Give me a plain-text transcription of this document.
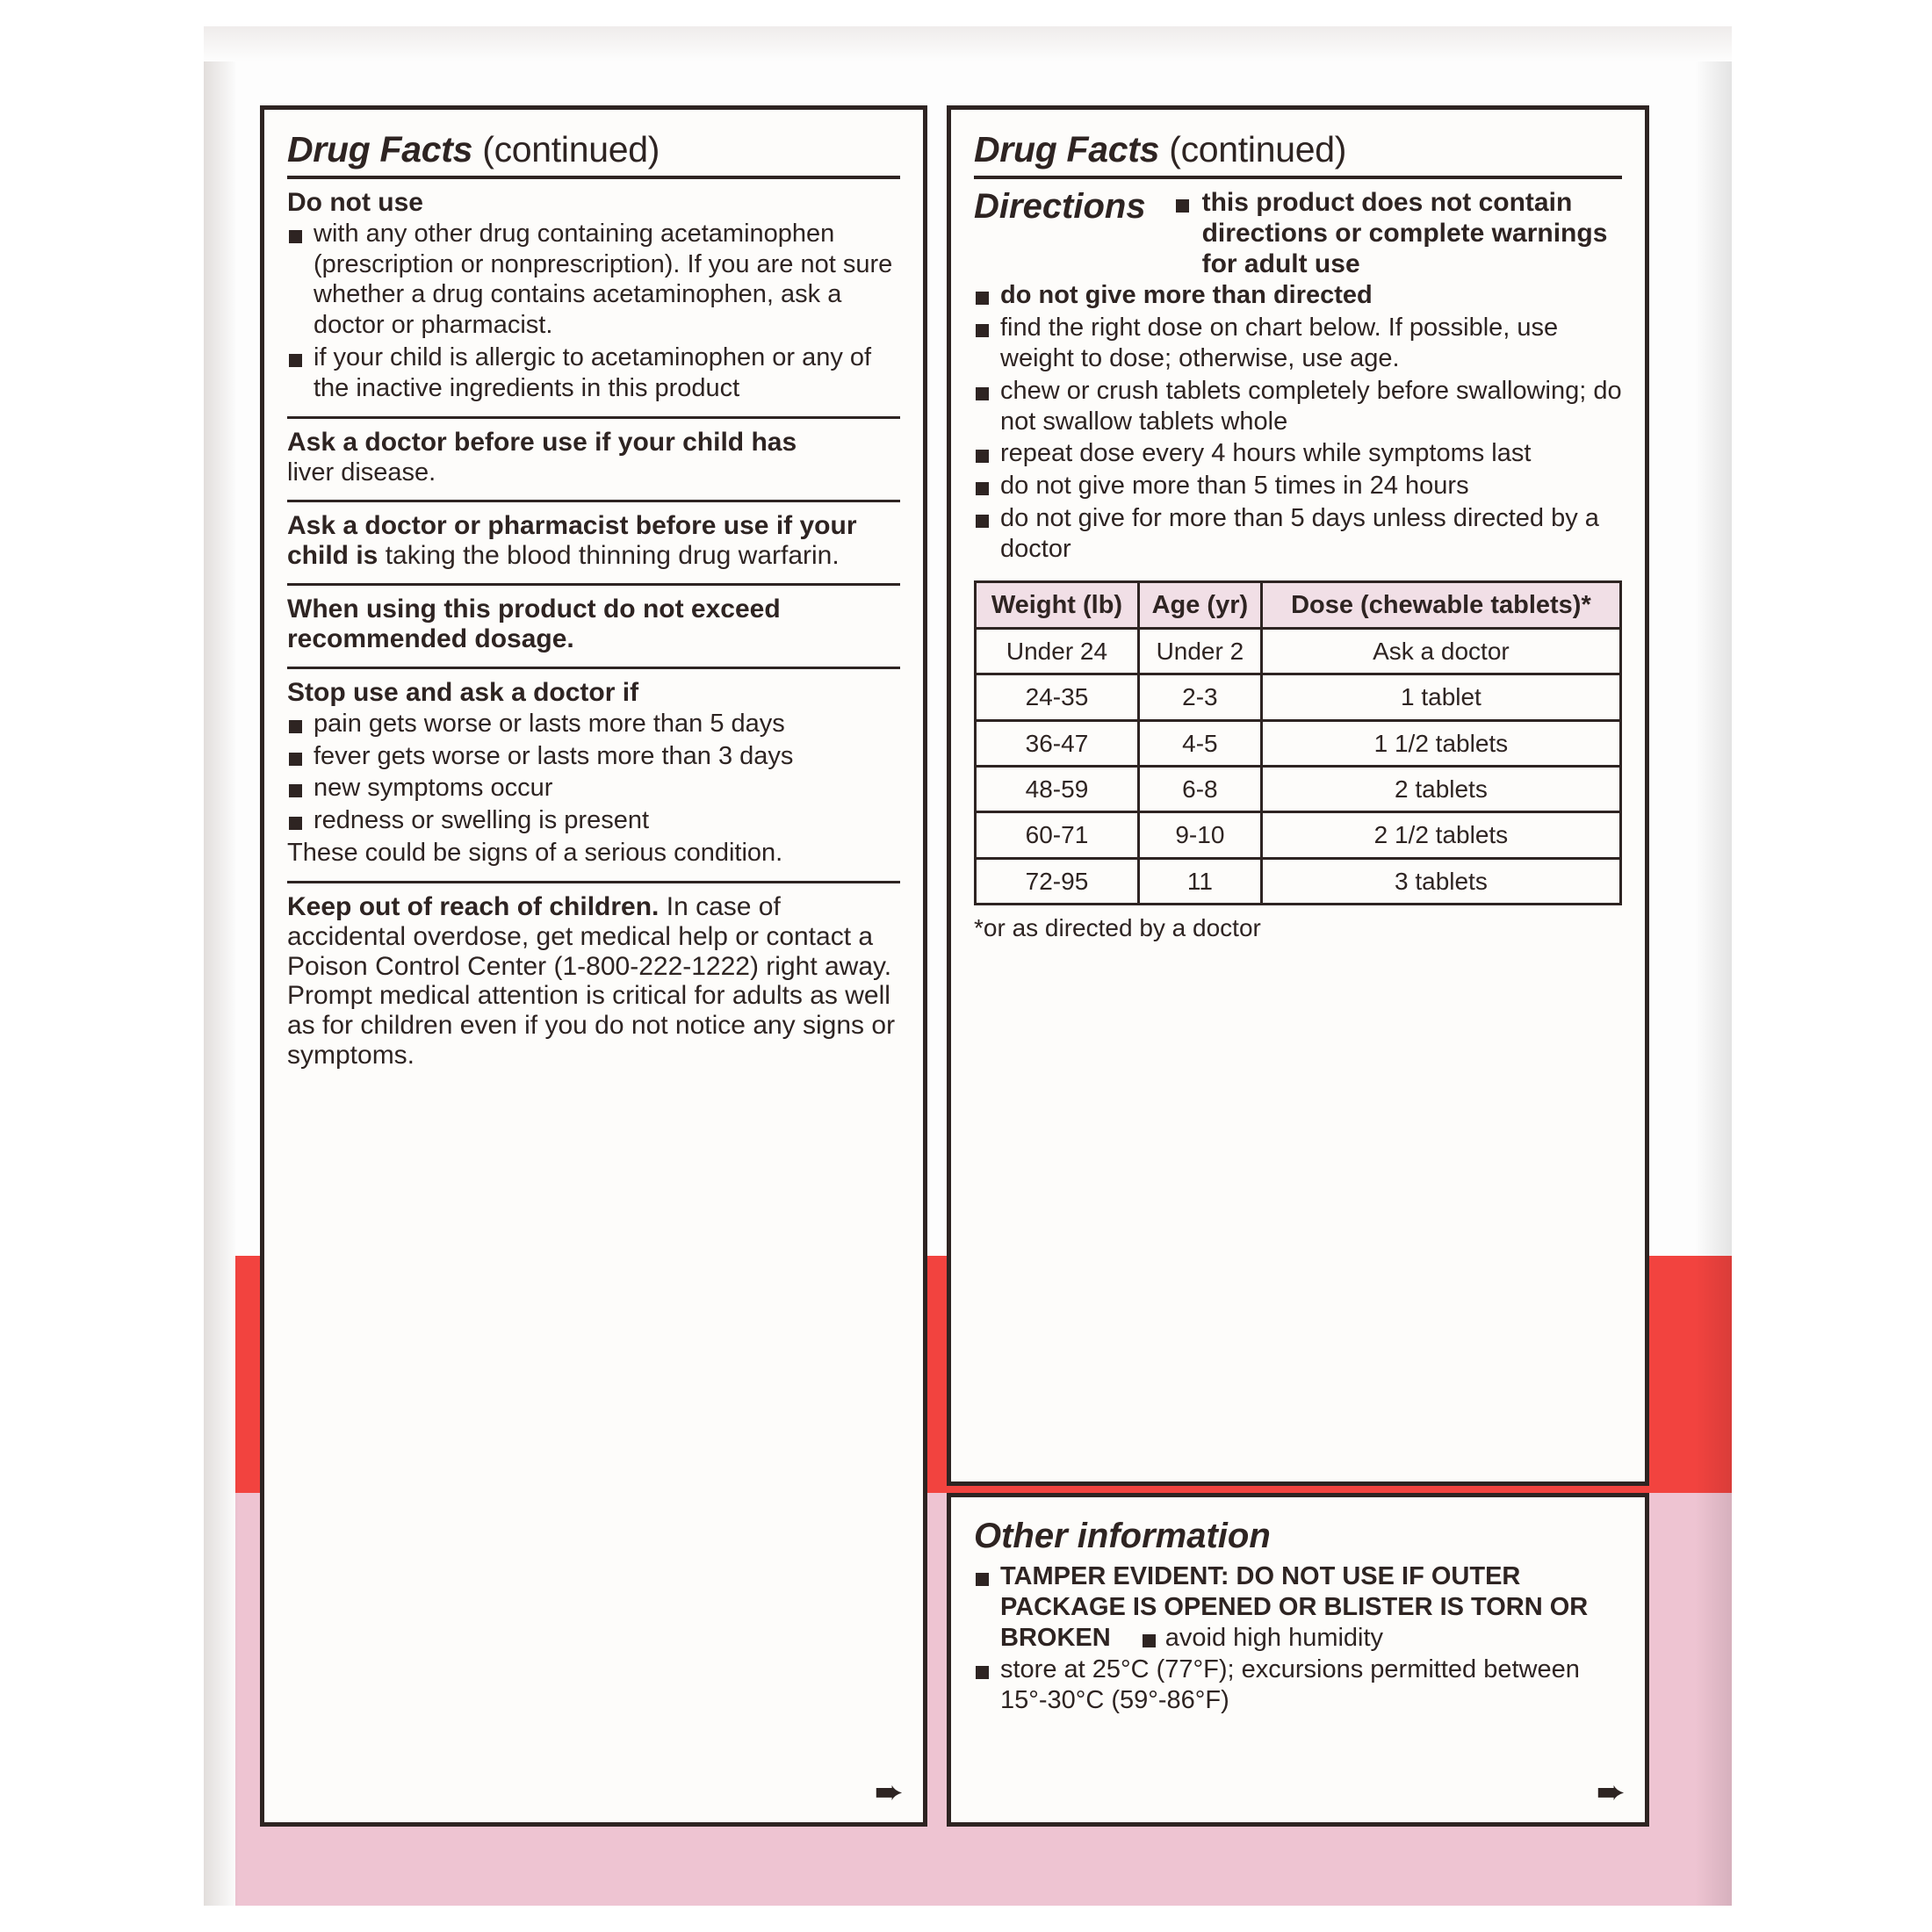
Drug Facts (continued)
Do not use
with any other drug containing acetaminophen (prescription or nonprescription). If you are not sure whether a drug contains acetaminophen, ask a doctor or pharmacist.
if your child is allergic to acetaminophen or any of the inactive ingredients in this product
Ask a doctor before use if your child has
liver disease.
Ask a doctor or pharmacist before use if your child is taking the blood thinning drug warfarin.
When using this product do not exceed recommended dosage.
Stop use and ask a doctor if
pain gets worse or lasts more than 5 days
fever gets worse or lasts more than 3 days
new symptoms occur
redness or swelling is present
These could be signs of a serious condition.
Keep out of reach of children. In case of accidental overdose, get medical help or contact a Poison Control Center (1-800-222-1222) right away. Prompt medical attention is critical for adults as well as for children even if you do not notice any signs or symptoms.
➨
Drug Facts (continued)
Directions	this product does not contain directions or complete warnings for adult use
do not give more than directed
find the right dose on chart below. If possible, use weight to dose; otherwise, use age.
chew or crush tablets completely before swallowing; do not swallow tablets whole
repeat dose every 4 hours while symptoms last
do not give more than 5 times in 24 hours
do not give for more than 5 days unless directed by a doctor
Weight (lb)	Age (yr)	Dose (chewable tablets)*
Under 24	Under 2	Ask a doctor
24-35	2-3	1 tablet
36-47	4-5	1 1/2 tablets
48-59	6-8	2 tablets
60-71	9-10	2 1/2 tablets
72-95	11	3 tablets
*or as directed by a doctor
Other information
TAMPER EVIDENT: DO NOT USE IF OUTER PACKAGE IS OPENED OR BLISTER IS TORN OR BROKEN avoid high humidity
store at 25°C (77°F); excursions permitted between 15°-30°C (59°-86°F)
➨
